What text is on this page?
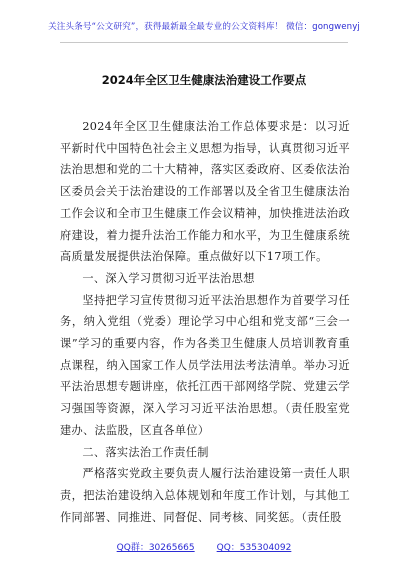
关注头条号“公文研究”，获得最新最全最专业的公文资料库！ 微信：gongwenyj
2024年全区卫生健康法治建设工作要点

2024年全区卫生健康法治工作总体要求是：以习近平新时代中国特色社会主义思想为指导，认真贯彻习近平法治思想和党的二十大精神，落实区委政府、区委依法治区委员会关于法治建设的工作部署以及全省卫生健康法治工作会议和全市卫生健康工作会议精神，加快推进法治政府建设，着力提升法治工作能力和水平，为卫生健康系统高质量发展提供法治保障。重点做好以下17项工作。

一、深入学习贯彻习近平法治思想

坚持把学习宣传贯彻习近平法治思想作为首要学习任务，纳入党组（党委）理论学习中心组和党支部“三会一课”学习的重要内容，作为各类卫生健康人员培训教育重点课程，纳入国家工作人员学法用法考法清单。举办习近平法治思想专题讲座，依托江西干部网络学院、党建云学习强国等资源，深入学习习近平法治思想。（责任股室党建办、法监股，区直各单位）

二、落实法治工作责任制

严格落实党政主要负责人履行法治建设第一责任人职责，把法治建设纳入总体规划和年度工作计划，与其他工作同部署、同推进、同督促、同考核、同奖惩。（责任股

QQ群：30265665 QQ：535304092
